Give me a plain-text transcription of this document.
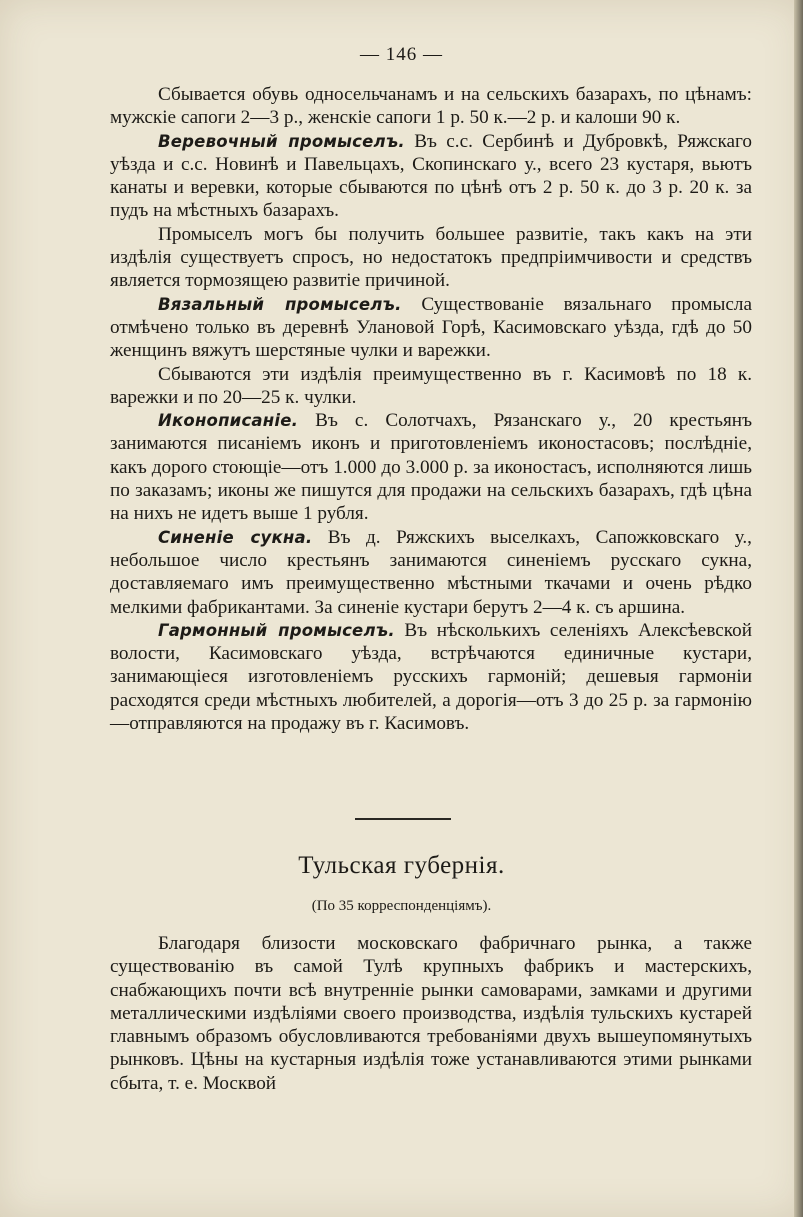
— 146 —

Сбывается обувь односельчанамъ и на сельскихъ базарахъ, по цѣнамъ: мужскіе сапоги 2—3 р., женскіе сапоги 1 р. 50 к.—2 р. и калоши 90 к.

Веревочный промыселъ. Въ с.с. Сербинѣ и Дубровкѣ, Ряжскаго уѣзда и с.с. Новинѣ и Павельцахъ, Скопинскаго у., всего 23 кустаря, вьютъ канаты и веревки, которые сбываются по цѣнѣ отъ 2 р. 50 к. до 3 р. 20 к. за пудъ на мѣстныхъ базарахъ.

Промыселъ могъ бы получить большее развитіе, такъ какъ на эти издѣлія существуетъ спросъ, но недостатокъ предпріимчивости и средствъ является тормозящею развитіе причиной.

Вязальный промыселъ. Существованіе вязальнаго промысла отмѣчено только въ деревнѣ Улановой Горѣ, Касимовскаго уѣзда, гдѣ до 50 женщинъ вяжутъ шерстяные чулки и варежки.

Сбываются эти издѣлія преимущественно въ г. Касимовѣ по 18 к. варежки и по 20—25 к. чулки.

Иконописаніе. Въ с. Солотчахъ, Рязанскаго у., 20 крестьянъ занимаются писаніемъ иконъ и приготовленіемъ иконостасовъ; послѣдніе, какъ дорого стоющіе—отъ 1.000 до 3.000 р. за иконостасъ, исполняются лишь по заказамъ; иконы же пишутся для продажи на сельскихъ базарахъ, гдѣ цѣна на нихъ не идетъ выше 1 рубля.

Синеніе сукна. Въ д. Ряжскихъ выселкахъ, Сапожковскаго у., небольшое число крестьянъ занимаются синеніемъ русскаго сукна, доставляемаго имъ преимущественно мѣстными ткачами и очень рѣдко мелкими фабрикантами. За синеніе кустари берутъ 2—4 к. съ аршина.

Гармонный промыселъ. Въ нѣсколькихъ селеніяхъ Алексѣевской волости, Касимовскаго уѣзда, встрѣчаются единичные кустари, занимающіеся изготовленіемъ русскихъ гармоній; дешевыя гармоніи расходятся среди мѣстныхъ любителей, а дорогія—отъ 3 до 25 р. за гармонію—отправляются на продажу въ г. Касимовъ.

Тульская губернія.
(По 35 корреспонденціямъ).

Благодаря близости московскаго фабричнаго рынка, а также существованію въ самой Тулѣ крупныхъ фабрикъ и мастерскихъ, снабжающихъ почти всѣ внутренніе рынки самоварами, замками и другими металлическими издѣліями своего производства, издѣлія тульскихъ кустарей главнымъ образомъ обусловливаются требованіями двухъ вышеупомянутыхъ рынковъ. Цѣны на кустарныя издѣлія тоже устанавливаются этими рынками сбыта, т. е. Москвой
